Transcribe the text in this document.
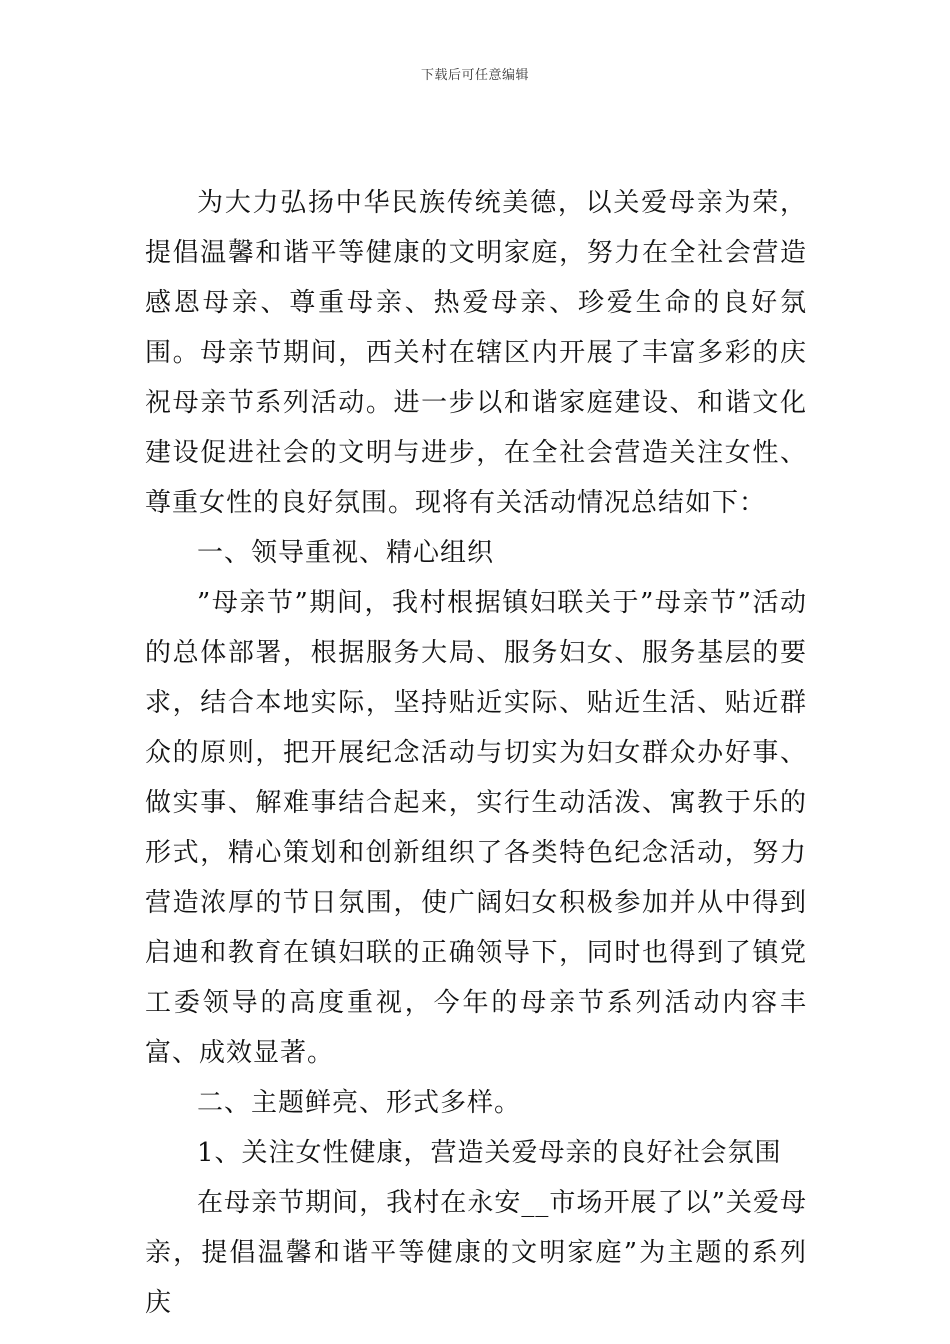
下载后可任意编辑

为大力弘扬中华民族传统美德，以关爱母亲为荣，提倡温馨和谐平等健康的文明家庭，努力在全社会营造感恩母亲、尊重母亲、热爱母亲、珍爱生命的良好氛围。母亲节期间，西关村在辖区内开展了丰富多彩的庆祝母亲节系列活动。进一步以和谐家庭建设、和谐文化建设促进社会的文明与进步，在全社会营造关注女性、尊重女性的良好氛围。现将有关活动情况总结如下：

一、领导重视、精心组织

”母亲节”期间，我村根据镇妇联关于”母亲节”活动的总体部署，根据服务大局、服务妇女、服务基层的要求，结合本地实际，坚持贴近实际、贴近生活、贴近群众的原则，把开展纪念活动与切实为妇女群众办好事、做实事、解难事结合起来，实行生动活泼、寓教于乐的形式，精心策划和创新组织了各类特色纪念活动，努力营造浓厚的节日氛围，使广阔妇女积极参加并从中得到启迪和教育在镇妇联的正确领导下，同时也得到了镇党工委领导的高度重视，今年的母亲节系列活动内容丰富、成效显著。

二、主题鲜亮、形式多样。

1、关注女性健康，营造关爱母亲的良好社会氛围

在母亲节期间，我村在永安__市场开展了以”关爱母亲，提倡温馨和谐平等健康的文明家庭”为主题的系列庆
